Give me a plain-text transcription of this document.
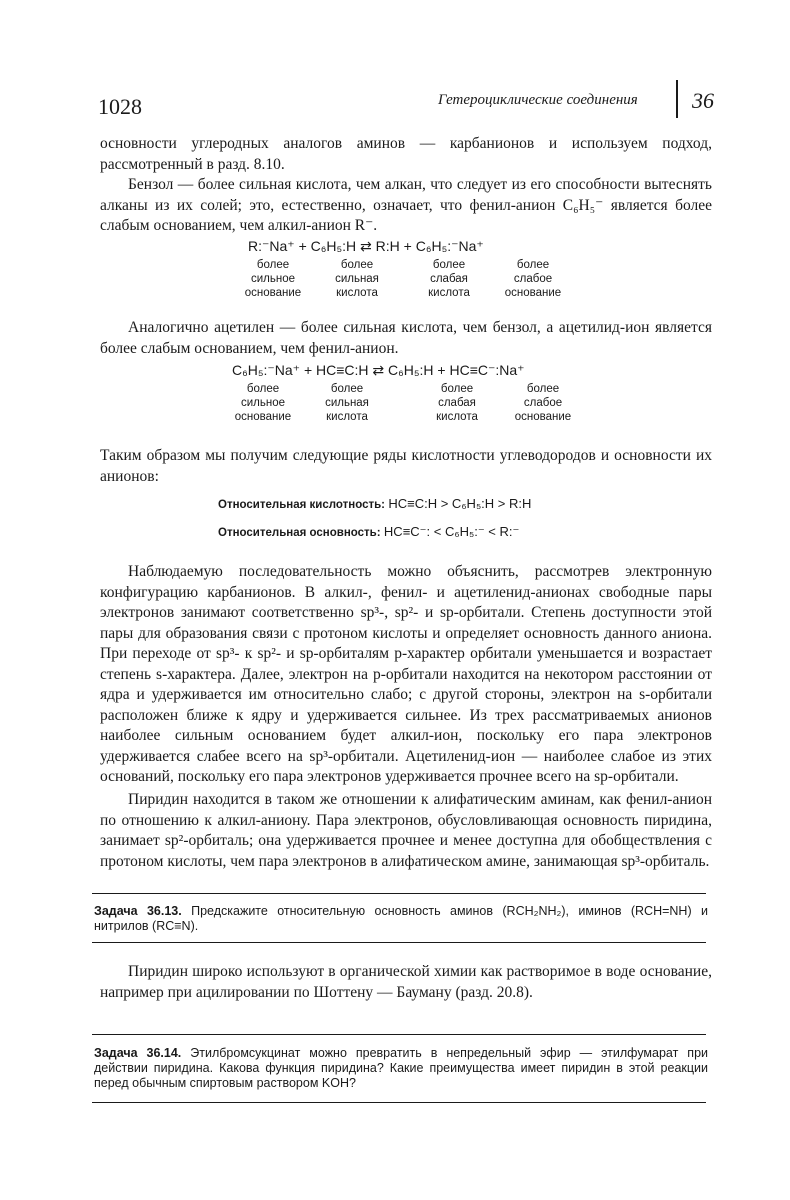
1028	Гетероциклические соединения 36
основности углеродных аналогов аминов — карбанионов и используем подход, рассмотренный в разд. 8.10.
Бензол — более сильная кислота, чем алкан, что следует из его способности вытеснять алканы из их солей; это, естественно, означает, что фенил-анион C₆H₅⁻ является более слабым основанием, чем алкил-анион R⁻.
R:⁻Na⁺ + C₆H₅:H ⇄ R:H + C₆H₅:⁻Na⁺
более
сильное
основание
более
сильная
кислота
более
слабая
кислота
более
слабое
основание
Аналогично ацетилен — более сильная кислота, чем бензол, а ацетилид-ион является более слабым основанием, чем фенил-анион.
C₆H₅:⁻Na⁺ + HC≡C:H ⇄ C₆H₅:H + HC≡C⁻:Na⁺
более
сильное
основание
более
сильная
кислота
более
слабая
кислота
более
слабое
основание
Таким образом мы получим следующие ряды кислотности углеводородов и основности их анионов:
Относительная кислотность: HC≡C:H > C₆H₅:H > R:H
Относительная основность: HC≡C⁻: < C₆H₅:⁻ < R:⁻
Наблюдаемую последовательность можно объяснить, рассмотрев электронную конфигурацию карбанионов. В алкил-, фенил- и ацетиленид-анионах свободные пары электронов занимают соответственно sp³-, sp²- и sp-орбитали. Степень доступности этой пары для образования связи с протоном кислоты и определяет основность данного аниона. При переходе от sp³- к sp²- и sp-орбиталям p-характер орбитали уменьшается и возрастает степень s-характера. Далее, электрон на p-орбитали находится на некотором расстоянии от ядра и удерживается им относительно слабо; с другой стороны, электрон на s-орбитали расположен ближе к ядру и удерживается сильнее. Из трех рассматриваемых анионов наиболее сильным основанием будет алкил-ион, поскольку его пара электронов удерживается слабее всего на sp³-орбитали. Ацетиленид-ион — наиболее слабое из этих оснований, поскольку его пара электронов удерживается прочнее всего на sp-орбитали.
Пиридин находится в таком же отношении к алифатическим аминам, как фенил-анион по отношению к алкил-аниону. Пара электронов, обусловливающая основность пиридина, занимает sp²-орбиталь; она удерживается прочнее и менее доступна для обобществления с протоном кислоты, чем пара электронов в алифатическом амине, занимающая sp³-орбиталь.
Задача 36.13. Предскажите относительную основность аминов (RCH₂NH₂), иминов (RCH=NH) и нитрилов (RC≡N).
Пиридин широко используют в органической химии как растворимое в воде основание, например при ацилировании по Шоттену — Бауману (разд. 20.8).
Задача 36.14. Этилбромсукцинат можно превратить в непредельный эфир — этилфумарат при действии пиридина. Какова функция пиридина? Какие преимущества имеет пиридин в этой реакции перед обычным спиртовым раствором KOH?
